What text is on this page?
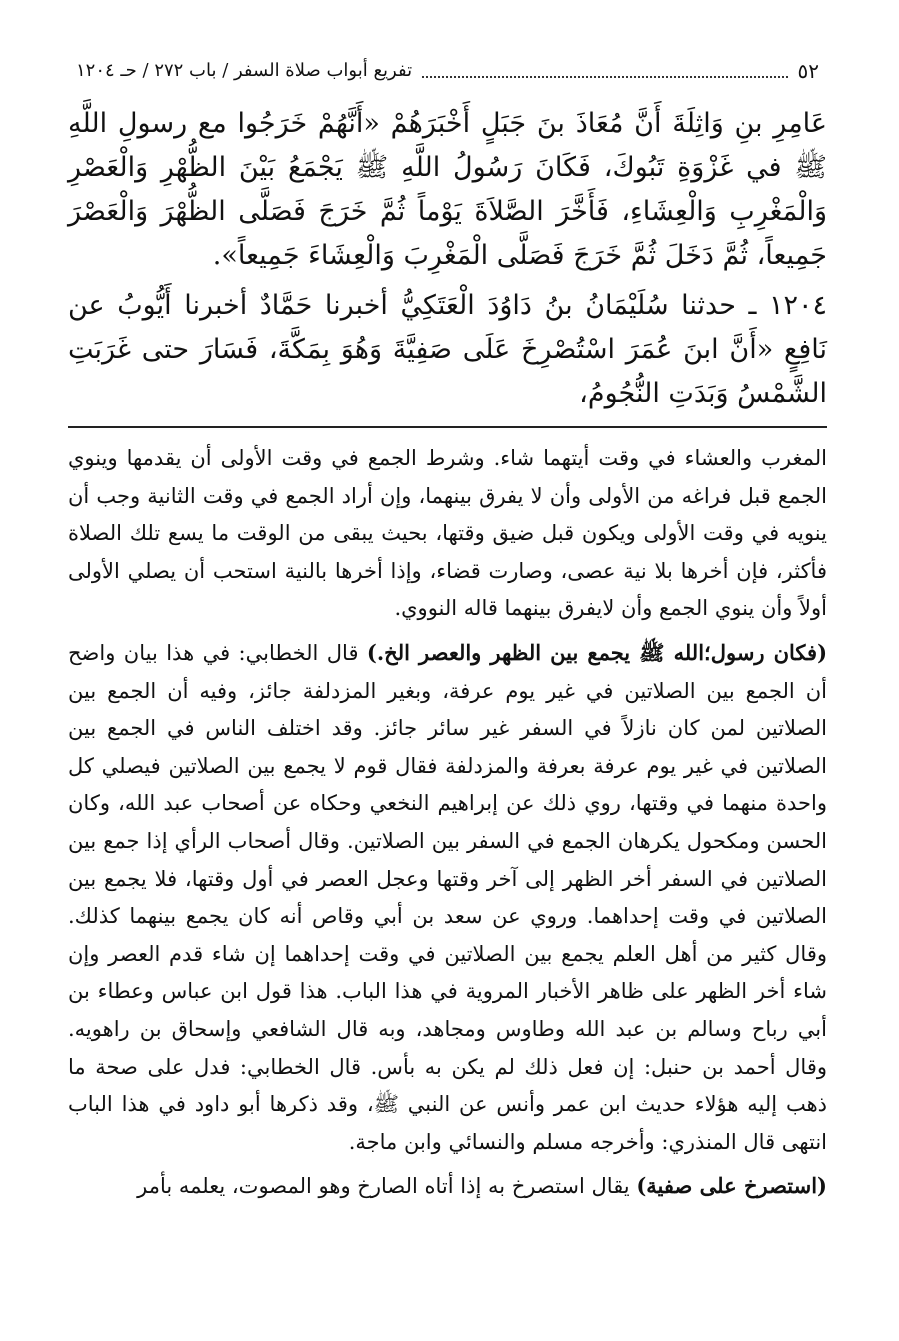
٥٢
تفريع أبواب صلاة السفر / باب ٢٧٢ / حـ ١٢٠٤

عَامِرِ بنِ وَاثِلَةَ أَنَّ مُعَاذَ بنَ جَبَلٍ أَخْبَرَهُمْ «أَنَّهُمْ خَرَجُوا مع رسولِ اللَّهِ ﷺ في غَزْوَةِ تَبُوكَ، فَكَانَ رَسُولُ اللَّهِ ﷺ يَجْمَعُ بَيْنَ الظُّهْرِ وَالْعَصْرِ وَالْمَغْرِبِ وَالْعِشَاءِ، فَأَخَّرَ الصَّلاَةَ يَوْماً ثُمَّ خَرَجَ فَصَلَّى الظُّهْرَ وَالْعَصْرَ جَمِيعاً، ثُمَّ دَخَلَ ثُمَّ خَرَجَ فَصَلَّى الْمَغْرِبَ وَالْعِشَاءَ جَمِيعاً».

١٢٠٤ ـ حدثنا سُلَيْمَانُ بنُ دَاوُدَ الْعَتَكِيُّ أخبرنا حَمَّادٌ أخبرنا أَيُّوبُ عن نَافِعٍ «أَنَّ ابنَ عُمَرَ اسْتُصْرِخَ عَلَى صَفِيَّةَ وَهُوَ بِمَكَّةَ، فَسَارَ حتى غَرَبَتِ الشَّمْسُ وَبَدَتِ النُّجُومُ،

المغرب والعشاء في وقت أيتهما شاء. وشرط الجمع في وقت الأولى أن يقدمها وينوي الجمع قبل فراغه من الأولى وأن لا يفرق بينهما، وإن أراد الجمع في وقت الثانية وجب أن ينويه في وقت الأولى ويكون قبل ضيق وقتها، بحيث يبقى من الوقت ما يسع تلك الصلاة فأكثر، فإن أخرها بلا نية عصى، وصارت قضاء، وإذا أخرها بالنية استحب أن يصلي الأولى أولاً وأن ينوي الجمع وأن لايفرق بينهما قاله النووي.

(فكان رسول؛الله ﷺ يجمع بين الظهر والعصر الخ.) قال الخطابي: في هذا بيان واضح أن الجمع بين الصلاتين في غير يوم عرفة، وبغير المزدلفة جائز، وفيه أن الجمع بين الصلاتين لمن كان نازلاً في السفر غير سائر جائز. وقد اختلف الناس في الجمع بين الصلاتين في غير يوم عرفة بعرفة والمزدلفة فقال قوم لا يجمع بين الصلاتين فيصلي كل واحدة منهما في وقتها، روي ذلك عن إبراهيم النخعي وحكاه عن أصحاب عبد الله، وكان الحسن ومكحول يكرهان الجمع في السفر بين الصلاتين. وقال أصحاب الرأي إذا جمع بين الصلاتين في السفر أخر الظهر إلى آخر وقتها وعجل العصر في أول وقتها، فلا يجمع بين الصلاتين في وقت إحداهما. وروي عن سعد بن أبي وقاص أنه كان يجمع بينهما كذلك. وقال كثير من أهل العلم يجمع بين الصلاتين في وقت إحداهما إن شاء قدم العصر وإن شاء أخر الظهر على ظاهر الأخبار المروية في هذا الباب. هذا قول ابن عباس وعطاء بن أبي رباح وسالم بن عبد الله وطاوس ومجاهد، وبه قال الشافعي وإسحاق بن راهويه. وقال أحمد بن حنبل: إن فعل ذلك لم يكن به بأس. قال الخطابي: فدل على صحة ما ذهب إليه هؤلاء حديث ابن عمر وأنس عن النبي ﷺ، وقد ذكرها أبو داود في هذا الباب انتهى قال المنذري: وأخرجه مسلم والنسائي وابن ماجة.

(استصرخ على صفية) يقال استصرخ به إذا أتاه الصارخ وهو المصوت، يعلمه بأمر
